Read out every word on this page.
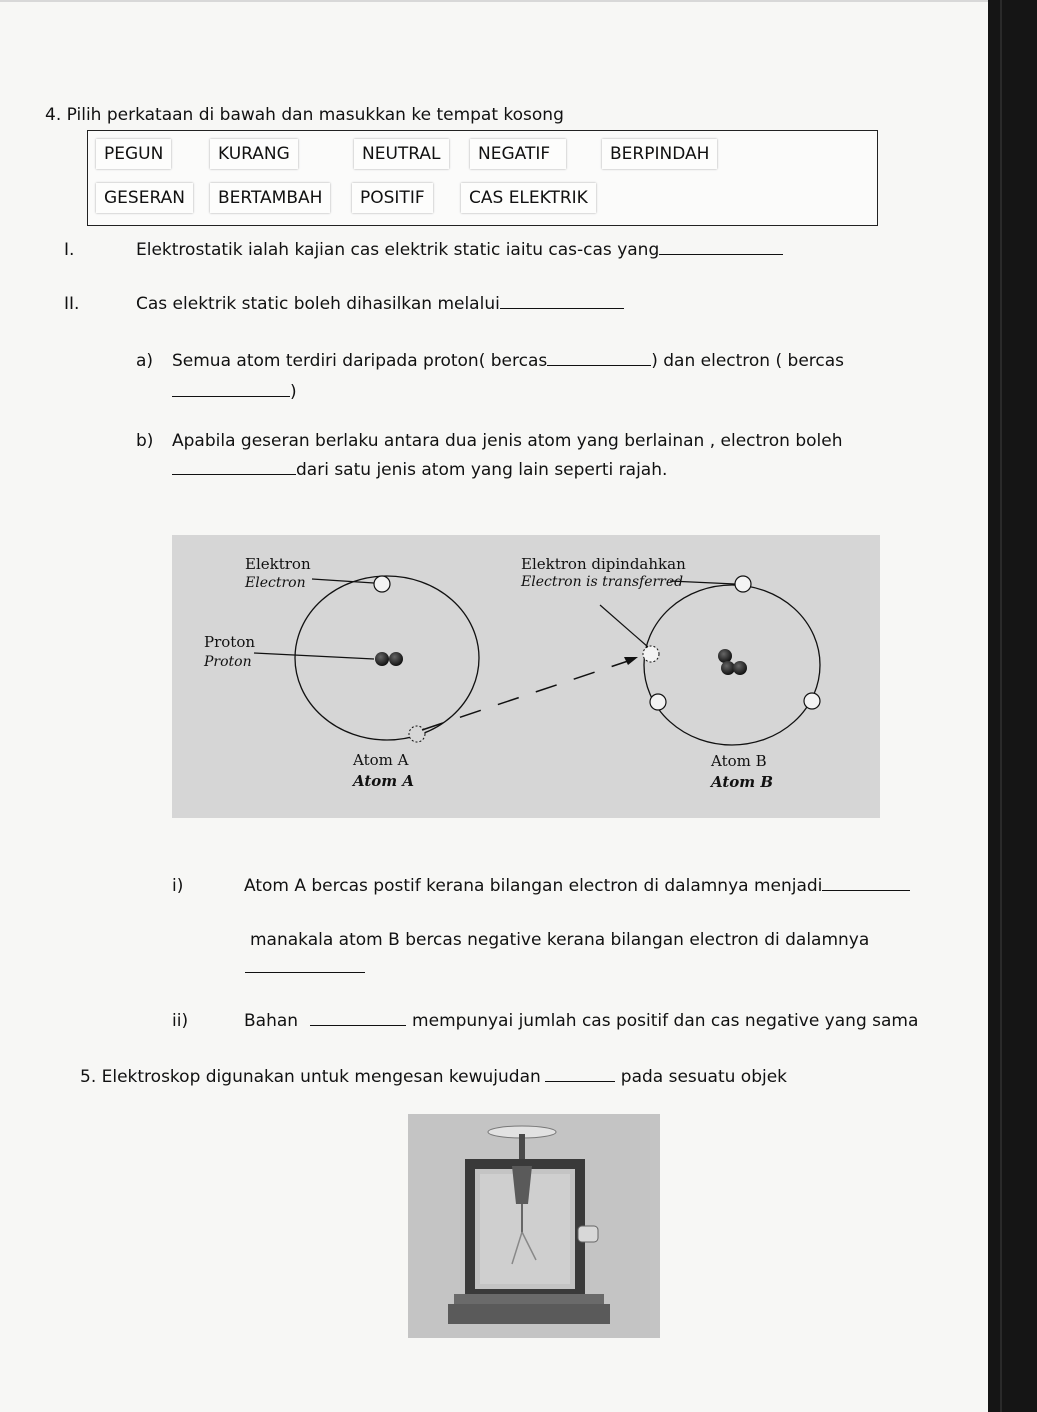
4. Pilih perkataan di bawah dan masukkan ke tempat kosong
PEGUN	KURANG	NEUTRAL	NEGATIF	BERPINDAH
GESERAN	BERTAMBAH	POSITIF	CAS ELEKTRIK
I.	Elektrostatik ialah kajian cas elektrik static iaitu cas-cas yang
II.	Cas elektrik static boleh dihasilkan melalui
a) Semua atom terdiri daripada proton( bercas	) dan electron ( bercas
)
b) Apabila geseran berlaku antara dua jenis atom yang berlainan , electron boleh
dari satu jenis atom yang lain seperti rajah.
Elektron
Electron
Proton
Proton
Elektron dipindahkan
Electron is transferred
Atom A
Atom A
Atom B
Atom B
i)	Atom A bercas postif kerana bilangan electron di dalamnya menjadi
manakala atom B bercas negative kerana bilangan electron di dalamnya
ii)	Bahan	mempunyai jumlah cas positif dan cas negative yang sama
5. Elektroskop digunakan untuk mengesan kewujudan	pada sesuatu objek
